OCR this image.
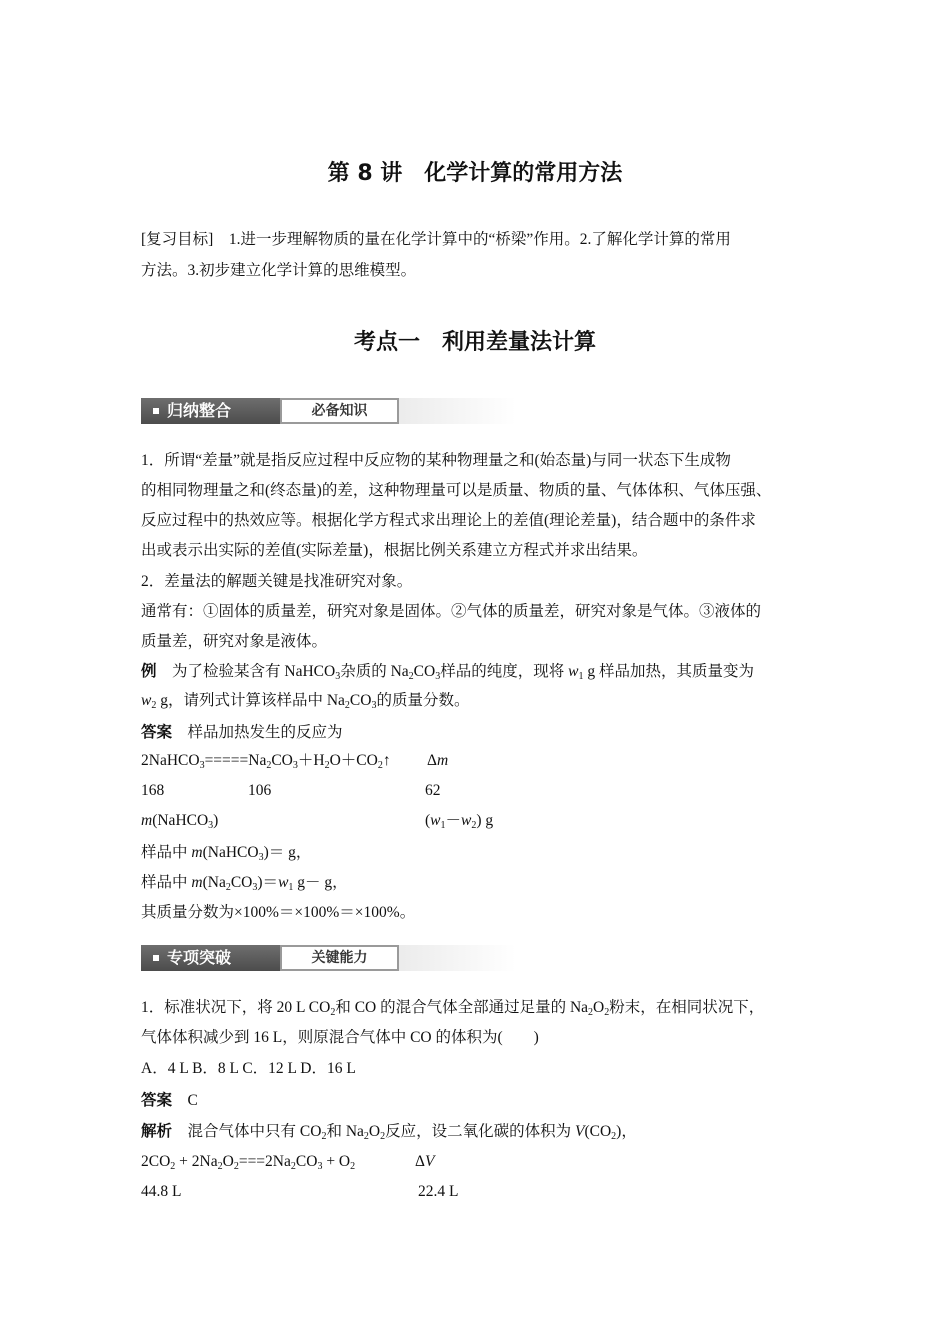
第 8 讲　化学计算的常用方法
[复习目标]　1.进一步理解物质的量在化学计算中的“桥梁”作用。2.了解化学计算的常用
方法。3.初步建立化学计算的思维模型。
考点一　利用差量法计算
归纳整合	必备知识
1．所谓“差量”就是指反应过程中反应物的某种物理量之和(始态量)与同一状态下生成物
的相同物理量之和(终态量)的差，这种物理量可以是质量、物质的量、气体体积、气体压强、
反应过程中的热效应等。根据化学方程式求出理论上的差值(理论差量)，结合题中的条件求
出或表示出实际的差值(实际差量)，根据比例关系建立方程式并求出结果。
2．差量法的解题关键是找准研究对象。
通常有：①固体的质量差，研究对象是固体。②气体的质量差，研究对象是气体。③液体的
质量差，研究对象是液体。
例　为了检验某含有 NaHCO$_3$杂质的 $Na_2CO_3$样品的纯度，现将 $w_1$ g 样品加热，其质量变为
$w_2$ g，请列式计算该样品中 $Na_2CO_3$的质量分数。
答案　样品加热发生的反应为
$2NaHCO_3=====Na_2CO_3+H_2O+CO_2↑$ Δm
168	106	62
m(NaHCO$_3$)	$(w_1-w_2)$ g
样品中 m(NaHCO$_3$)＝ g，
样品中 $m(Na_2CO_3)=w_1$ g－ g，
其质量分数为×100%＝×100%＝×100%。
专项突破	关键能力
1．标准状况下，将 20 L $CO_2$和 CO 的混合气体全部通过足量的 $Na_2O_2$粉末，在相同状况下，
气体体积减少到 16 L，则原混合气体中 CO 的体积为(　　)
A．4 L B．8 L C．12 L D．16 L
答案　C
解析　混合气体中只有 $CO_2$和 $Na_2O_2$反应，设二氧化碳的体积为 $V(CO_2)$，
$2CO_2 + 2Na_2O_2===2Na_2CO_3 + O_2$	ΔV
44.8 L	22.4 L
